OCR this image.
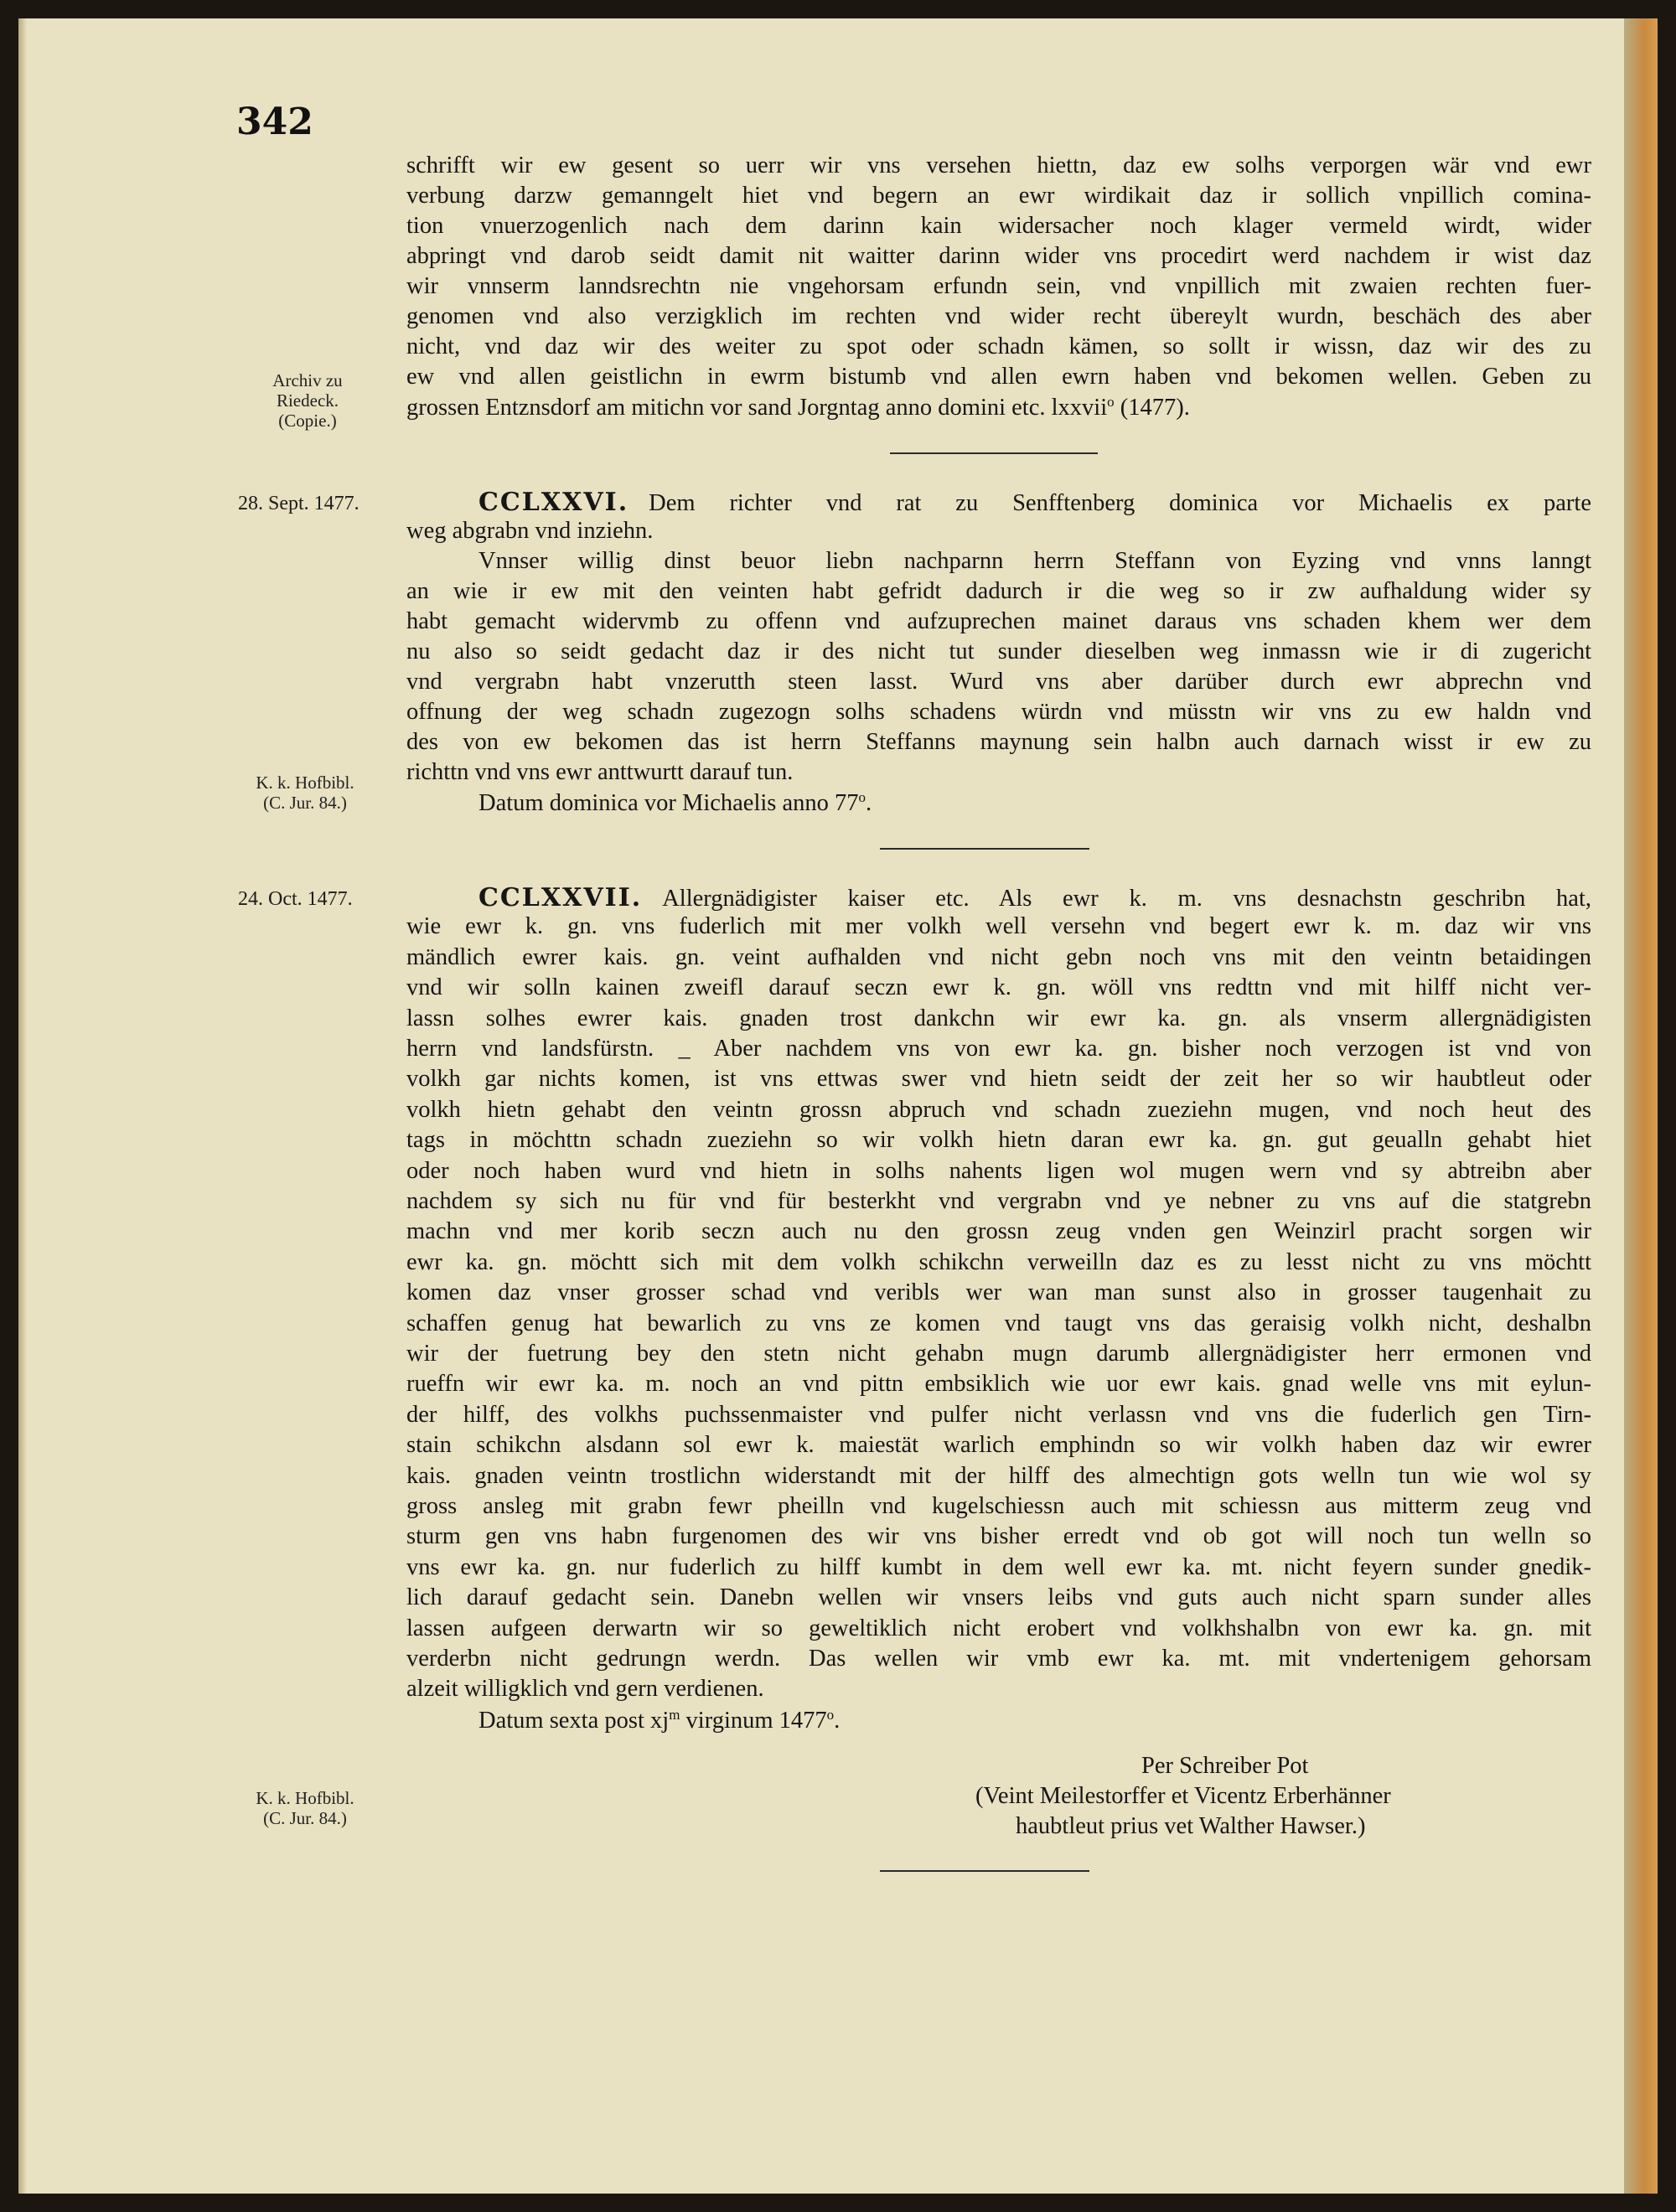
342
schrifft wir ew gesent so uerr wir vns versehen hiettn, daz ew solhs verporgen wär vnd ewr
verbung darzw gemanngelt hiet vnd begern an ewr wirdikait daz ir sollich vnpillich comina-
tion vnuerzogenlich nach dem darinn kain widersacher noch klager vermeld wirdt, wider
abpringt vnd darob seidt damit nit waitter darinn wider vns procedirt werd nachdem ir wist daz
wir vnnserm lanndsrechtn nie vngehorsam erfundn sein, vnd vnpillich mit zwaien rechten fuer-
genomen vnd also verzigklich im rechten vnd wider recht übereylt wurdn, beschäch des aber
nicht, vnd daz wir des weiter zu spot oder schadn kämen, so sollt ir wissn, daz wir des zu
ew vnd allen geistlichn in ewrm bistumb vnd allen ewrn haben vnd bekomen wellen. Geben zu
grossen Entznsdorf am mitichn vor sand Jorgntag anno domini etc. lxxvii$^o$ (1477).
Archiv zu
Riedeck.
(Copie.)
28. Sept. 1477.	CCLXXVI. Dem richter vnd rat zu Senfftenberg dominica vor Michaelis ex parte
weg abgrabn vnd inziehn.
Vnnser willig dinst beuor liebn nachparnn herrn Steffann von Eyzing vnd vnns lanngt
an wie ir ew mit den veinten habt gefridt dadurch ir die weg so ir zw aufhaldung wider sy
habt gemacht widervmb zu offenn vnd aufzuprechen mainet daraus vns schaden khem wer dem
nu also so seidt gedacht daz ir des nicht tut sunder dieselben weg inmassn wie ir di zugericht
vnd vergrabn habt vnzerutth steen lasst. Wurd vns aber darüber durch ewr abprechn vnd
offnung der weg schadn zugezogn solhs schadens würdn vnd müsstn wir vns zu ew haldn vnd
des von ew bekomen das ist herrn Steffanns maynung sein halbn auch darnach wisst ir ew zu
richttn vnd vns ewr anttwurtt darauf tun.
Datum dominica vor Michaelis anno 77$^o$.
K. k. Hofbibl.
(C. Jur. 84.)
24. Oct. 1477.	CCLXXVII. Allergnädigister kaiser etc. Als ewr k. m. vns desnachstn geschribn hat,
wie ewr k. gn. vns fuderlich mit mer volkh well versehn vnd begert ewr k. m. daz wir vns
mändlich ewrer kais. gn. veint aufhalden vnd nicht gebn noch vns mit den veintn betaidingen
vnd wir solln kainen zweifl darauf seczn ewr k. gn. wöll vns redttn vnd mit hilff nicht ver-
lassn solhes ewrer kais. gnaden trost dankchn wir ewr ka. gn. als vnserm allergnädigisten
herrn vnd landsfürstn. _ Aber nachdem vns von ewr ka. gn. bisher noch verzogen ist vnd von
volkh gar nichts komen, ist vns ettwas swer vnd hietn seidt der zeit her so wir haubtleut oder
volkh hietn gehabt den veintn grossn abpruch vnd schadn zueziehn mugen, vnd noch heut des
tags in möchttn schadn zueziehn so wir volkh hietn daran ewr ka. gn. gut geualln gehabt hiet
oder noch haben wurd vnd hietn in solhs nahents ligen wol mugen wern vnd sy abtreibn aber
nachdem sy sich nu für vnd für besterkht vnd vergrabn vnd ye nebner zu vns auf die statgrebn
machn vnd mer korib seczn auch nu den grossn zeug vnden gen Weinzirl pracht sorgen wir
ewr ka. gn. möchtt sich mit dem volkh schikchn verweilln daz es zu lesst nicht zu vns möchtt
komen daz vnser grosser schad vnd veribls wer wan man sunst also in grosser taugenhait zu
schaffen genug hat bewarlich zu vns ze komen vnd taugt vns das geraisig volkh nicht, deshalbn
wir der fuetrung bey den stetn nicht gehabn mugn darumb allergnädigister herr ermonen vnd
rueffn wir ewr ka. m. noch an vnd pittn embsiklich wie uor ewr kais. gnad welle vns mit eylun-
der hilff, des volkhs puchssenmaister vnd pulfer nicht verlassn vnd vns die fuderlich gen Tirn-
stain schikchn alsdann sol ewr k. maiestät warlich emphindn so wir volkh haben daz wir ewrer
kais. gnaden veintn trostlichn widerstandt mit der hilff des almechtign gots welln tun wie wol sy
gross ansleg mit grabn fewr pheilln vnd kugelschiessn auch mit schiessn aus mitterm zeug vnd
sturm gen vns habn furgenomen des wir vns bisher erredt vnd ob got will noch tun welln so
vns ewr ka. gn. nur fuderlich zu hilff kumbt in dem well ewr ka. mt. nicht feyern sunder gnedik-
lich darauf gedacht sein. Danebn wellen wir vnsers leibs vnd guts auch nicht sparn sunder alles
lassen aufgeen derwartn wir so geweltiklich nicht erobert vnd volkhshalbn von ewr ka. gn. mit
verderbn nicht gedrungn werdn. Das wellen wir vmb ewr ka. mt. mit vndertenigem gehorsam
alzeit willigklich vnd gern verdienen.
Datum sexta post $xj^m$ virginum 1477$^o$.
Per Schreiber Pot
(Veint Meilestorffer et Vicentz Erberhänner
haubtleut prius vet Walther Hawser.)
K. k. Hofbibl.
(C. Jur. 84.)
